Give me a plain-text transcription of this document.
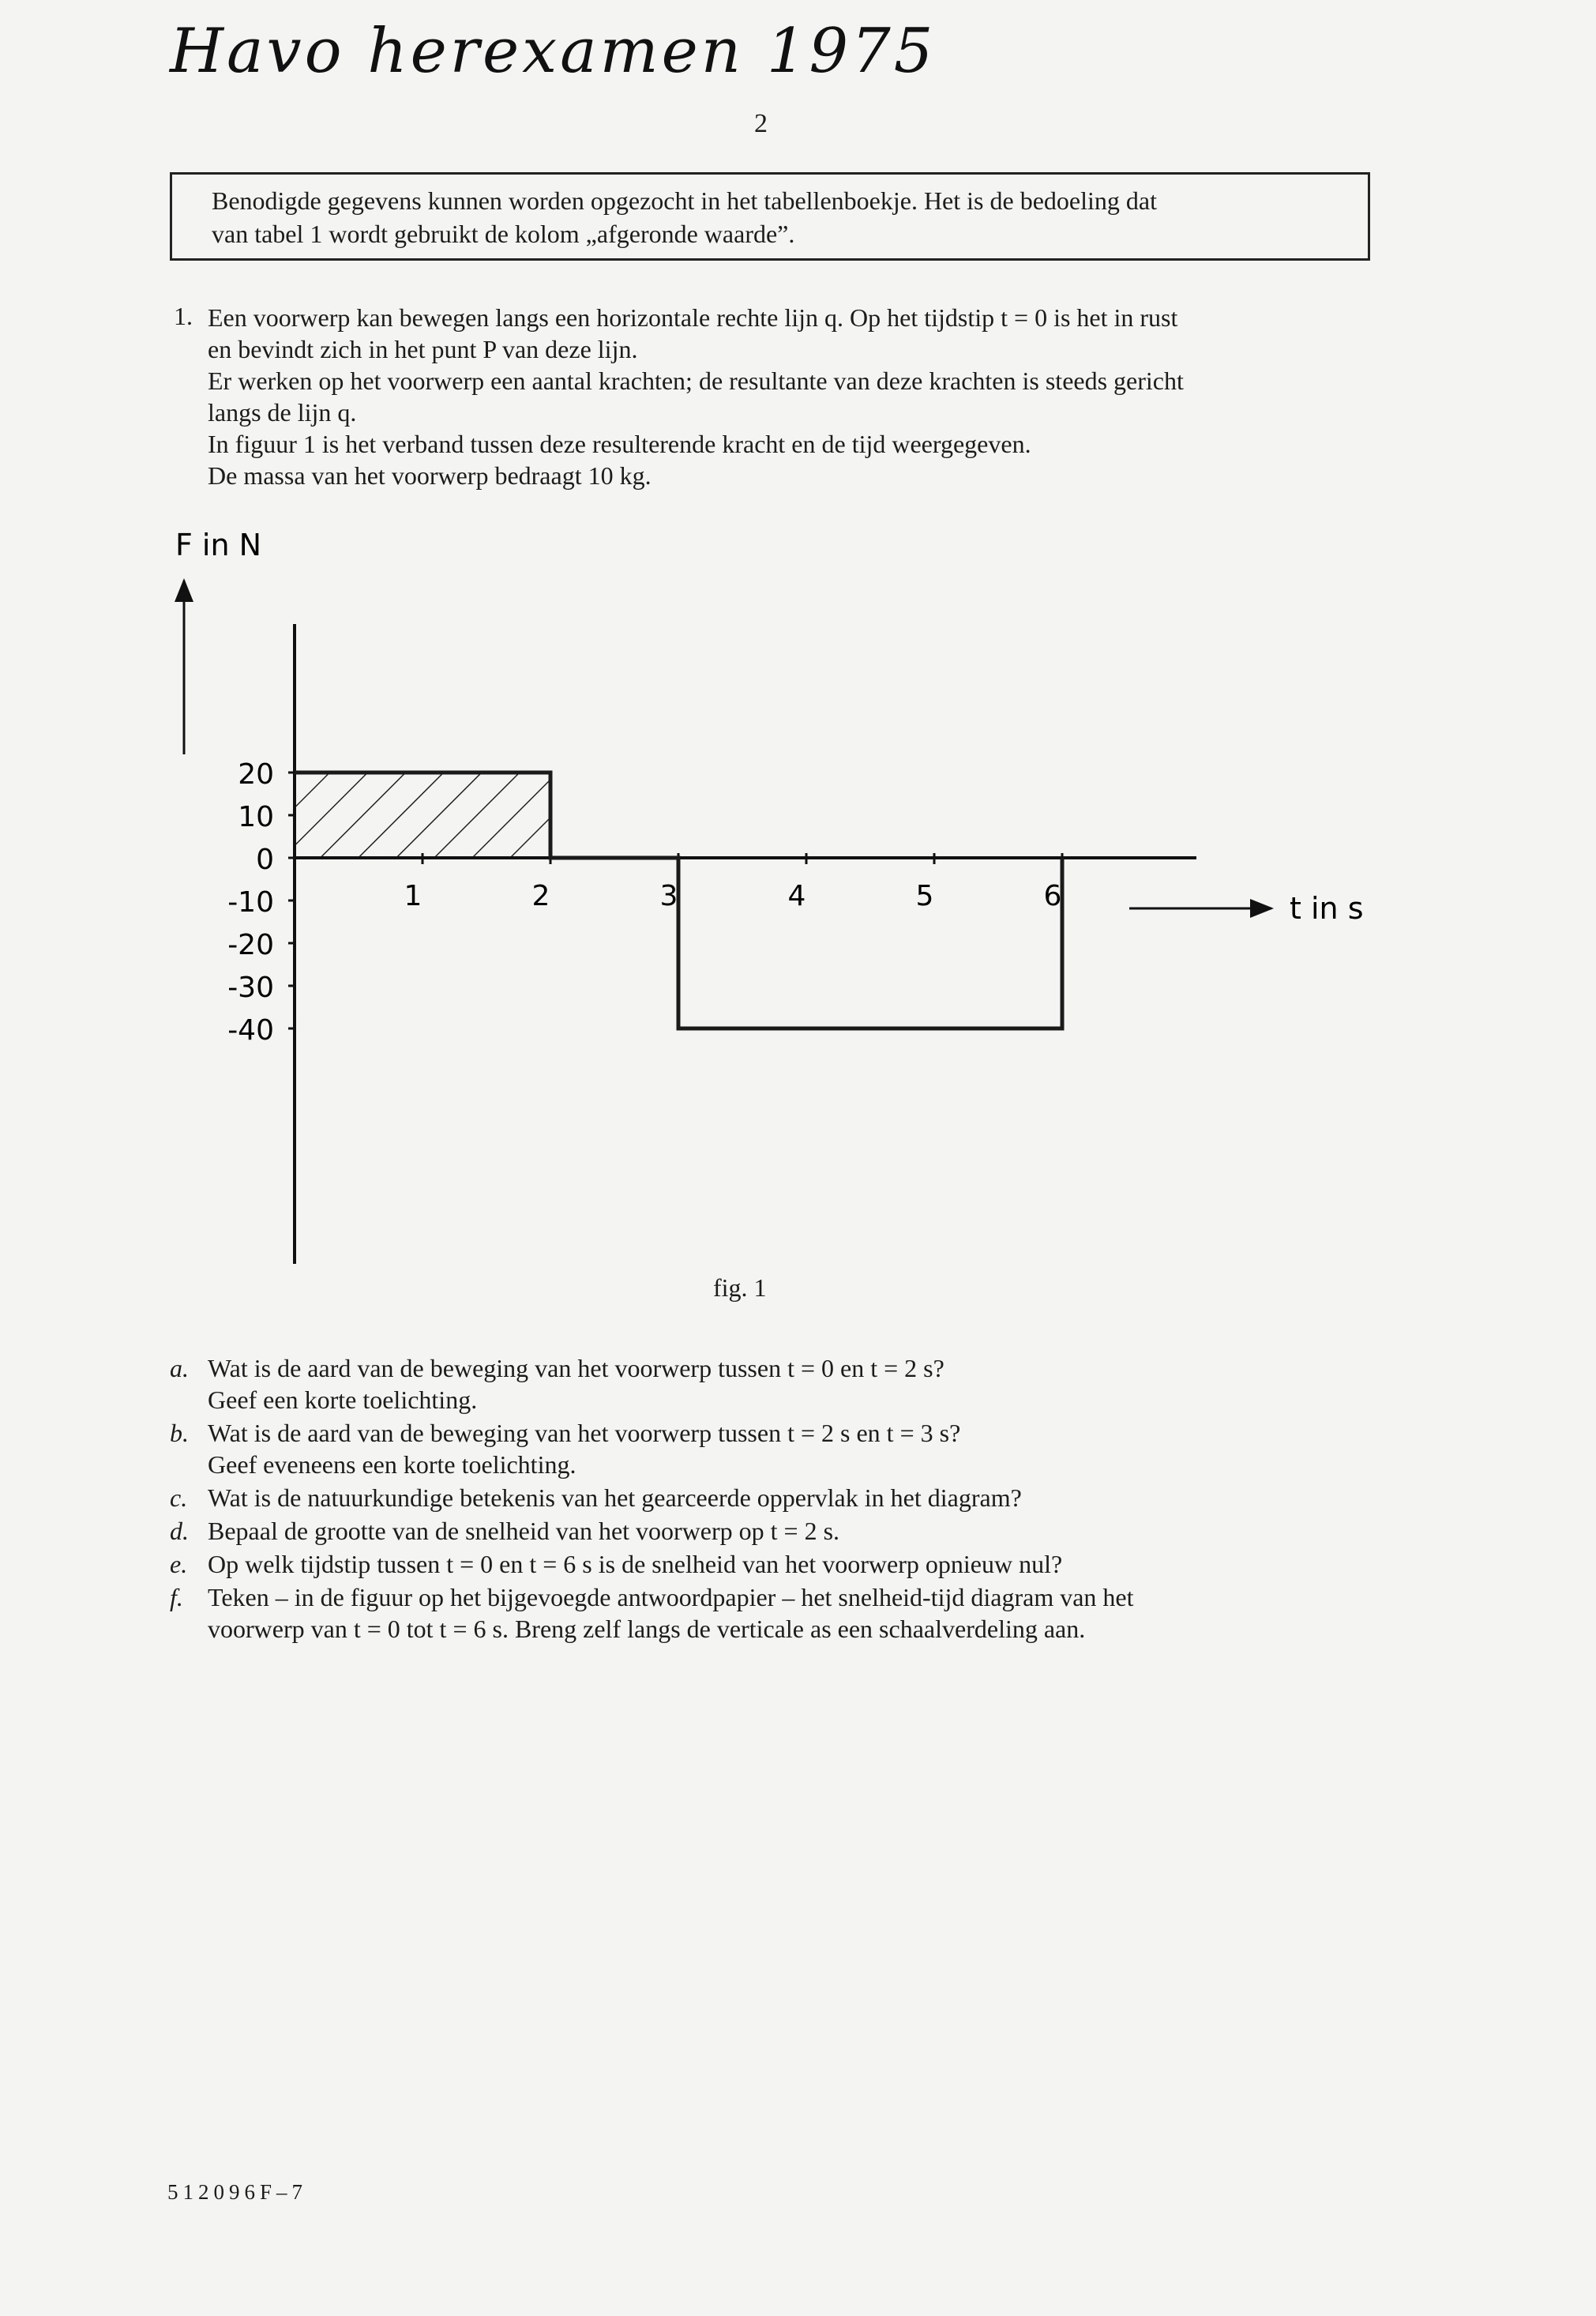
Havo herexamen 1975
2
Benodigde gegevens kunnen worden opgezocht in het tabellenboekje. Het is de bedoeling dat
van tabel 1 wordt gebruikt de kolom „afgeronde waarde”.
1. Een voorwerp kan bewegen langs een horizontale rechte lijn q. Op het tijdstip t = 0 is het in rust
en bevindt zich in het punt P van deze lijn.
Er werken op het voorwerp een aantal krachten; de resultante van deze krachten is steeds gericht
langs de lijn q.
In figuur 1 is het verband tussen deze resulterende kracht en de tijd weergegeven.
De massa van het voorwerp bedraagt 10 kg.
F in N
t in s
20
10
0
-10
-20
-30
-40
1	2	3	4	5	6
fig. 1
a. Wat is de aard van de beweging van het voorwerp tussen t = 0 en t = 2 s?
Geef een korte toelichting.
b. Wat is de aard van de beweging van het voorwerp tussen t = 2 s en t = 3 s?
Geef eveneens een korte toelichting.
c. Wat is de natuurkundige betekenis van het gearceerde oppervlak in het diagram?
d. Bepaal de grootte van de snelheid van het voorwerp op t = 2 s.
e. Op welk tijdstip tussen t = 0 en t = 6 s is de snelheid van het voorwerp opnieuw nul?
f. Teken – in de figuur op het bijgevoegde antwoordpapier – het snelheid-tijd diagram van het
voorwerp van t = 0 tot t = 6 s. Breng zelf langs de verticale as een schaalverdeling aan.
512096F–7
